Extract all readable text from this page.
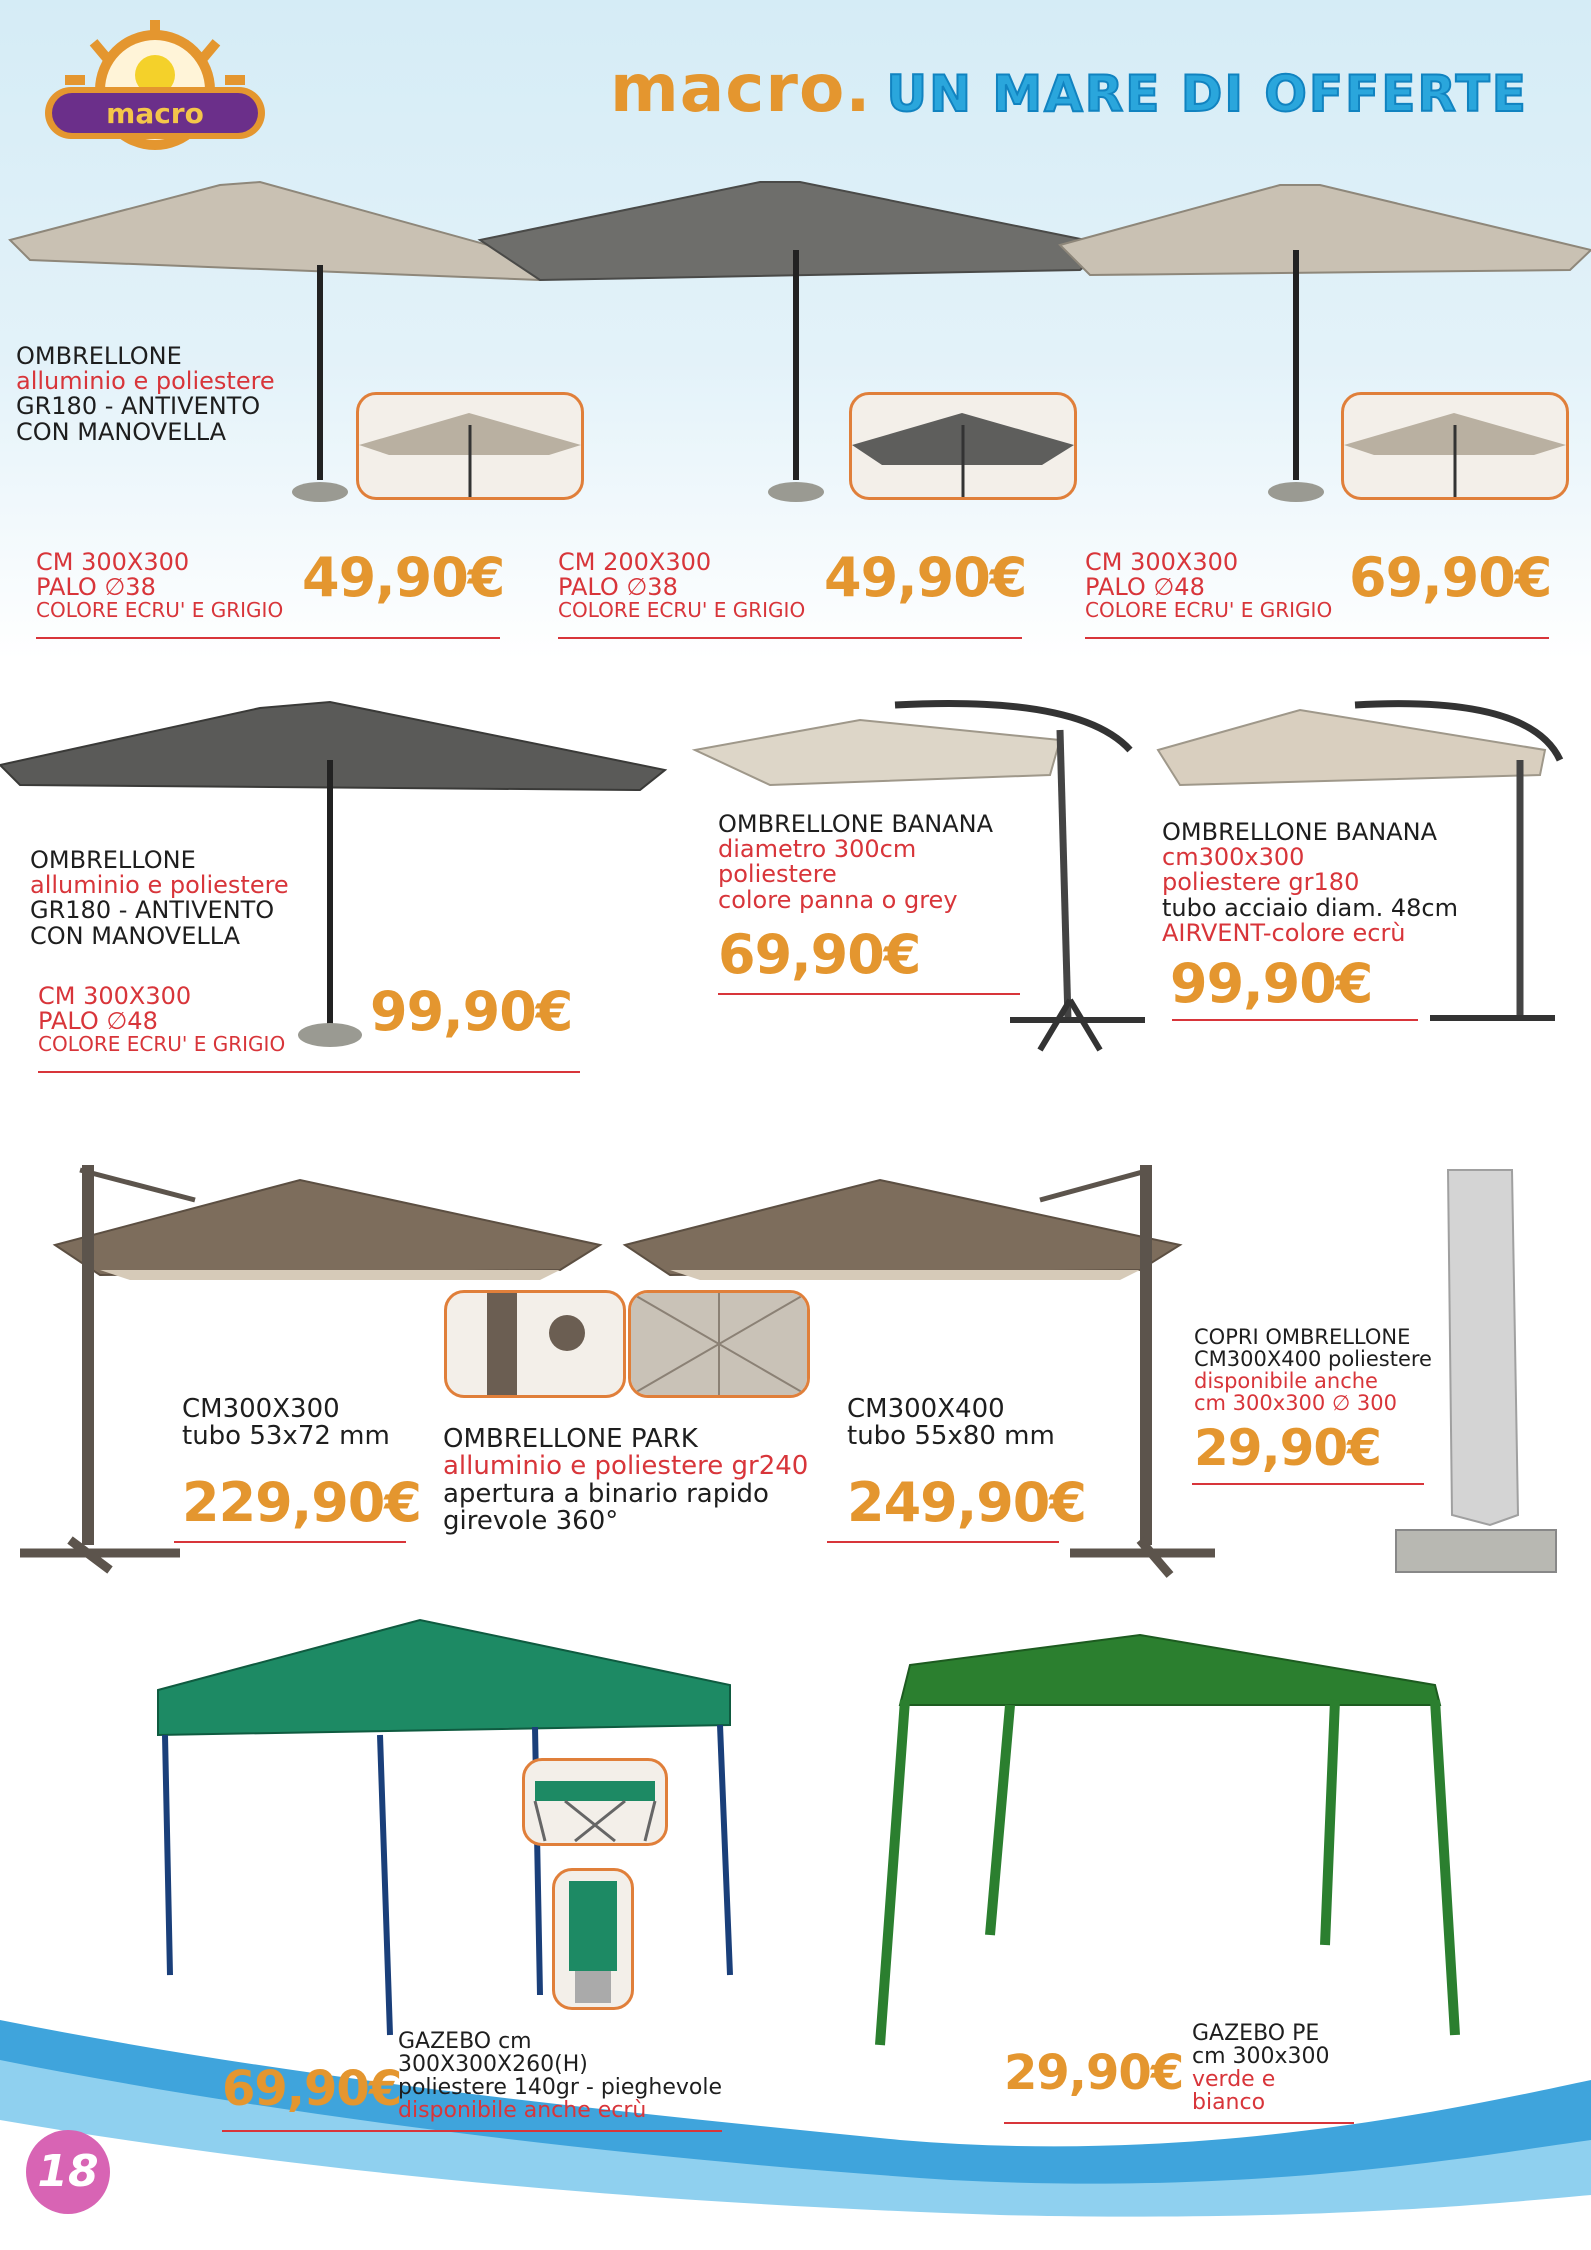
macro	macro. UN MARE DI OFFERTE
OMBRELLONE
alluminio e poliestere
GR180 - ANTIVENTO
CON MANOVELLA
CM 300X300
PALO ∅38
COLORE ECRU' E GRIGIO
49,90€ CM 200X300
PALO ∅38
COLORE ECRU' E GRIGIO
49,90€ CM 300X300
PALO ∅48
COLORE ECRU' E GRIGIO
69,90€
OMBRELLONE
alluminio e poliestere
GR180 - ANTIVENTO
CON MANOVELLA
CM 300X300
PALO ∅48
COLORE ECRU' E GRIGIO
99,90€
OMBRELLONE BANANA
diametro 300cm
poliestere
colore panna o grey
69,90€
OMBRELLONE BANANA
cm300x300
poliestere gr180
tubo acciaio diam. 48cm
AIRVENT-colore ecrù
99,90€
CM300X300
tubo 53x72 mm
229,90€
OMBRELLONE PARK
alluminio e poliestere gr240
apertura a binario rapido
girevole 360°
CM300X400
tubo 55x80 mm
249,90€
COPRI OMBRELLONE
CM300X400 poliestere
disponibile anche
cm 300x300 ∅ 300
29,90€
69,90€
GAZEBO cm 300X300X260(H)
poliestere 140gr - pieghevole
disponibile anche ecrù
29,90€
GAZEBO PE
cm 300x300
verde e bianco
18
